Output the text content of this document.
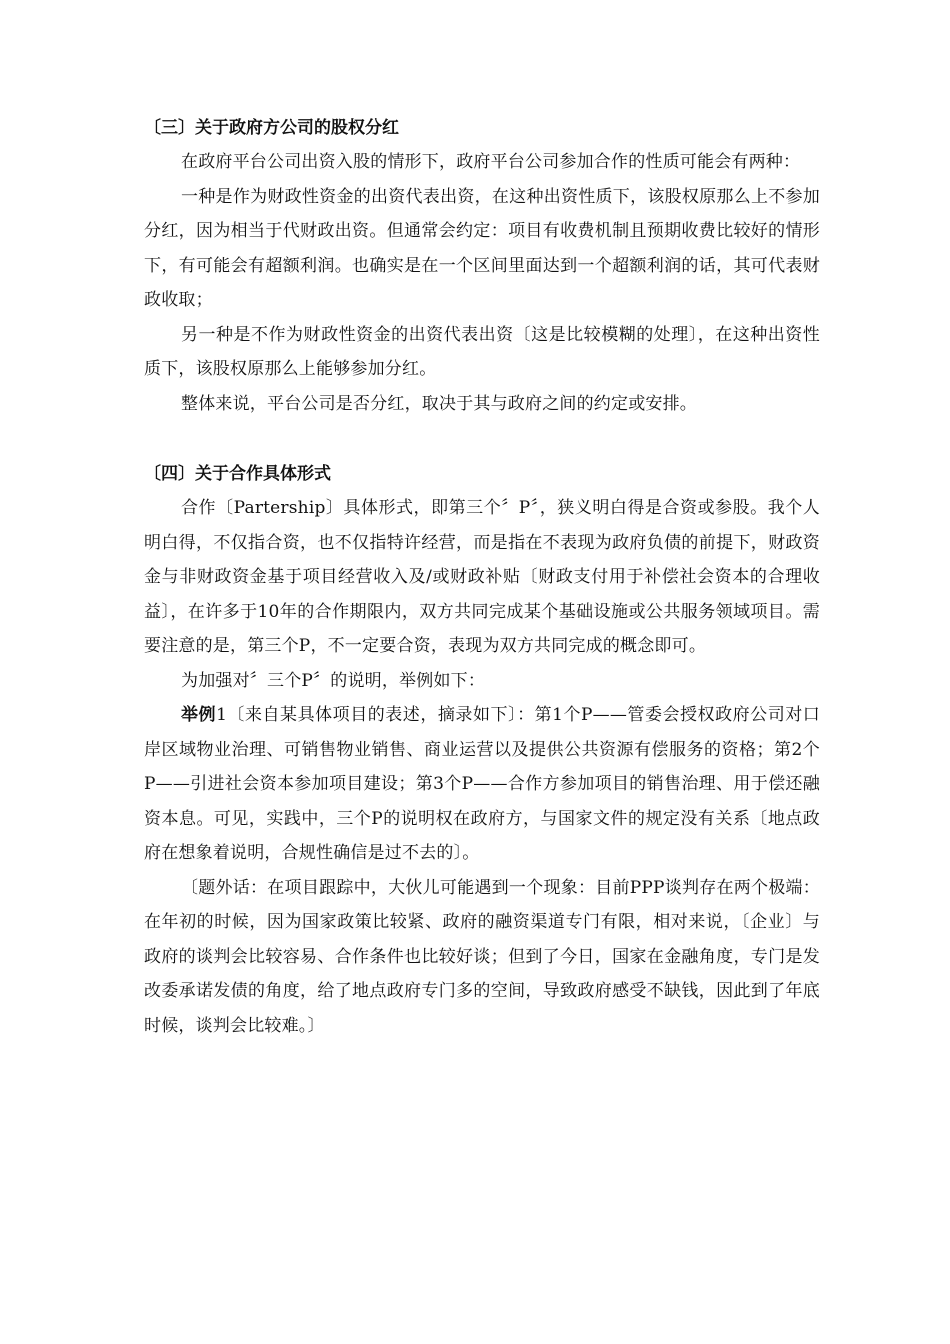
〔三〕关于政府方公司的股权分红

在政府平台公司出资入股的情形下，政府平台公司参加合作的性质可能会有两种：

一种是作为财政性资金的出资代表出资，在这种出资性质下，该股权原那么上不参加分红，因为相当于代财政出资。但通常会约定：项目有收费机制且预期收费比较好的情形下，有可能会有超额利润。也确实是在一个区间里面达到一个超额利润的话，其可代表财政收取；

另一种是不作为财政性资金的出资代表出资〔这是比较模糊的处理〕，在这种出资性质下，该股权原那么上能够参加分红。

整体来说，平台公司是否分红，取决于其与政府之间的约定或安排。

〔四〕关于合作具体形式

合作〔Partership〕具体形式，即第三个〞P〞，狭义明白得是合资或参股。我个人明白得，不仅指合资，也不仅指特许经营，而是指在不表现为政府负债的前提下，财政资金与非财政资金基于项目经营收入及/或财政补贴〔财政支付用于补偿社会资本的合理收益〕，在许多于10年的合作期限内，双方共同完成某个基础设施或公共服务领域项目。需要注意的是，第三个P，不一定要合资，表现为双方共同完成的概念即可。

为加强对〞三个P〞的说明，举例如下：

举例1〔来自某具体项目的表述，摘录如下〕：第1个P——管委会授权政府公司对口岸区域物业治理、可销售物业销售、商业运营以及提供公共资源有偿服务的资格；第2个P——引进社会资本参加项目建设；第3个P——合作方参加项目的销售治理、用于偿还融资本息。可见，实践中，三个P的说明权在政府方，与国家文件的规定没有关系〔地点政府在想象着说明，合规性确信是过不去的〕。

〔题外话：在项目跟踪中，大伙儿可能遇到一个现象：目前PPP谈判存在两个极端：在年初的时候，因为国家政策比较紧、政府的融资渠道专门有限，相对来说，〔企业〕与政府的谈判会比较容易、合作条件也比较好谈；但到了今日，国家在金融角度，专门是发改委承诺发债的角度，给了地点政府专门多的空间，导致政府感受不缺钱，因此到了年底时候，谈判会比较难。〕
